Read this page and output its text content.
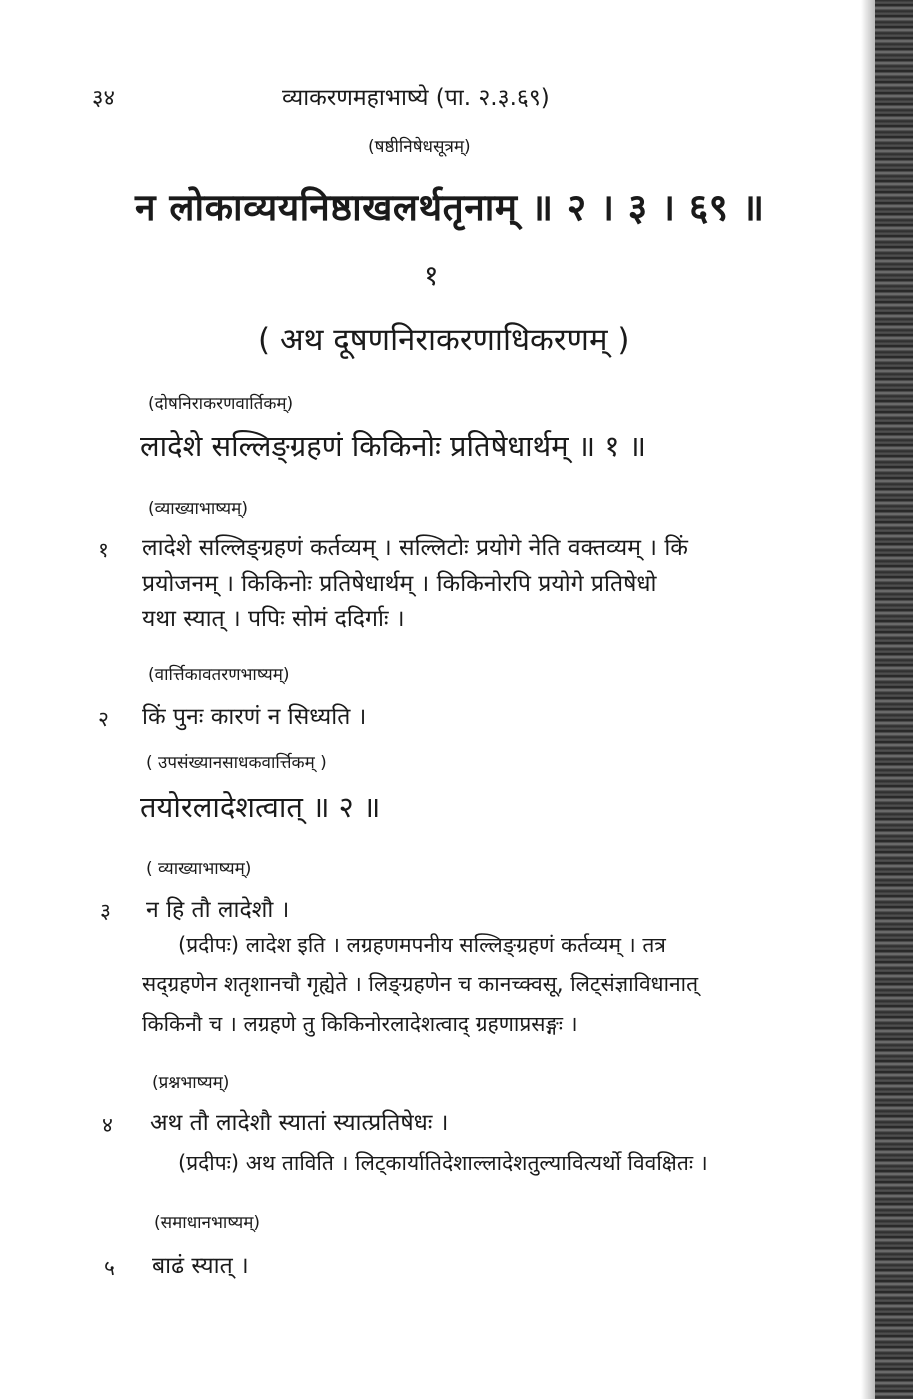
३४	व्याकरणमहाभाष्ये (पा. २.३.६९)
(षष्ठीनिषेधसूत्रम्)
न लोकाव्ययनिष्ठाखलर्थतृनाम् ॥ २ । ३ । ६९ ॥
१
( अथ दूषणनिराकरणाधिकरणम् )
(दोषनिराकरणवार्तिकम्)
लादेशे सल्लिङ्ग्रहणं किकिनोः प्रतिषेधार्थम् ॥ १ ॥
(व्याख्याभाष्यम्)
१ लादेशे सल्लिङ्ग्रहणं कर्तव्यम् । सल्लिटोः प्रयोगे नेति वक्तव्यम् । किं
प्रयोजनम् । किकिनोः प्रतिषेधार्थम् । किकिनोरपि प्रयोगे प्रतिषेधो
यथा स्यात् । पपिः सोमं ददिर्गाः ।
(वार्त्तिकावतरणभाष्यम्)
२ किं पुनः कारणं न सिध्यति ।
( उपसंख्यानसाधकवार्त्तिकम् )
तयोरलादेशत्वात् ॥ २ ॥
( व्याख्याभाष्यम्)
३ न हि तौ लादेशौ ।
(प्रदीपः) लादेश इति । लग्रहणमपनीय सल्लिङ्ग्रहणं कर्तव्यम् । तत्र
सद्ग्रहणेन शतृशानचौ गृह्येते । लिङ्ग्रहणेन च कानच्क्वसू, लिट्संज्ञाविधानात्
किकिनौ च । लग्रहणे तु किकिनोरलादेशत्वाद् ग्रहणाप्रसङ्गः ।
(प्रश्नभाष्यम्)
४ अथ तौ लादेशौ स्यातां स्यात्प्रतिषेधः ।
(प्रदीपः) अथ ताविति । लिट्कार्यातिदेशाल्लादेशतुल्यावित्यर्थो विवक्षितः ।
(समाधानभाष्यम्)
५ बाढं स्यात् ।
